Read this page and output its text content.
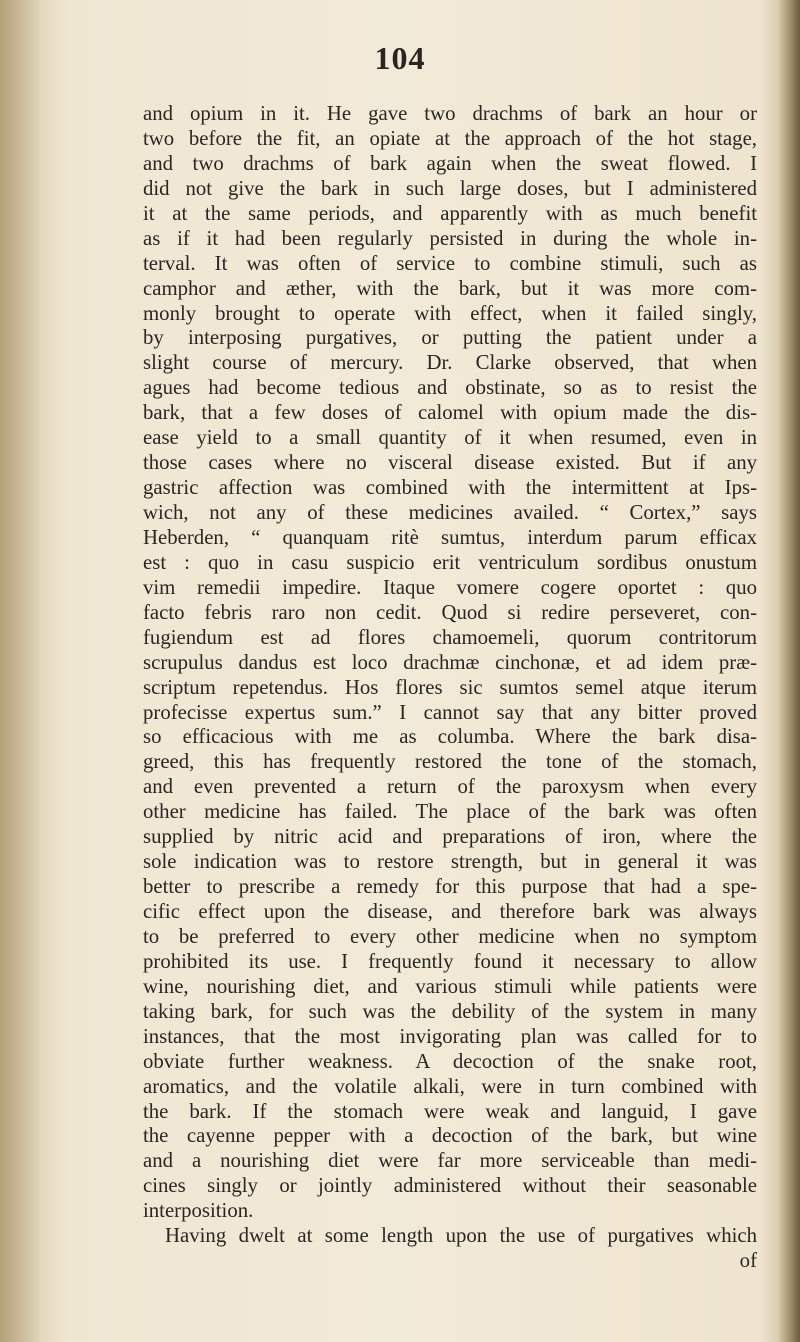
104
and opium in it. He gave two drachms of bark an hour or
two before the fit, an opiate at the approach of the hot stage,
and two drachms of bark again when the sweat flowed. I
did not give the bark in such large doses, but I administered
it at the same periods, and apparently with as much benefit
as if it had been regularly persisted in during the whole in-
terval. It was often of service to combine stimuli, such as
camphor and æther, with the bark, but it was more com-
monly brought to operate with effect, when it failed singly,
by interposing purgatives, or putting the patient under a
slight course of mercury. Dr. Clarke observed, that when
agues had become tedious and obstinate, so as to resist the
bark, that a few doses of calomel with opium made the dis-
ease yield to a small quantity of it when resumed, even in
those cases where no visceral disease existed. But if any
gastric affection was combined with the intermittent at Ips-
wich, not any of these medicines availed. “ Cortex,” says
Heberden, “ quanquam ritè sumtus, interdum parum efficax
est : quo in casu suspicio erit ventriculum sordibus onustum
vim remedii impedire. Itaque vomere cogere oportet : quo
facto febris raro non cedit. Quod si redire perseveret, con-
fugiendum est ad flores chamoemeli, quorum contritorum
scrupulus dandus est loco drachmæ cinchonæ, et ad idem præ-
scriptum repetendus. Hos flores sic sumtos semel atque iterum
profecisse expertus sum.” I cannot say that any bitter proved
so efficacious with me as columba. Where the bark disa-
greed, this has frequently restored the tone of the stomach,
and even prevented a return of the paroxysm when every
other medicine has failed. The place of the bark was often
supplied by nitric acid and preparations of iron, where the
sole indication was to restore strength, but in general it was
better to prescribe a remedy for this purpose that had a spe-
cific effect upon the disease, and therefore bark was always
to be preferred to every other medicine when no symptom
prohibited its use. I frequently found it necessary to allow
wine, nourishing diet, and various stimuli while patients were
taking bark, for such was the debility of the system in many
instances, that the most invigorating plan was called for to
obviate further weakness. A decoction of the snake root,
aromatics, and the volatile alkali, were in turn combined with
the bark. If the stomach were weak and languid, I gave
the cayenne pepper with a decoction of the bark, but wine
and a nourishing diet were far more serviceable than medi-
cines singly or jointly administered without their seasonable
interposition.
Having dwelt at some length upon the use of purgatives which
of
